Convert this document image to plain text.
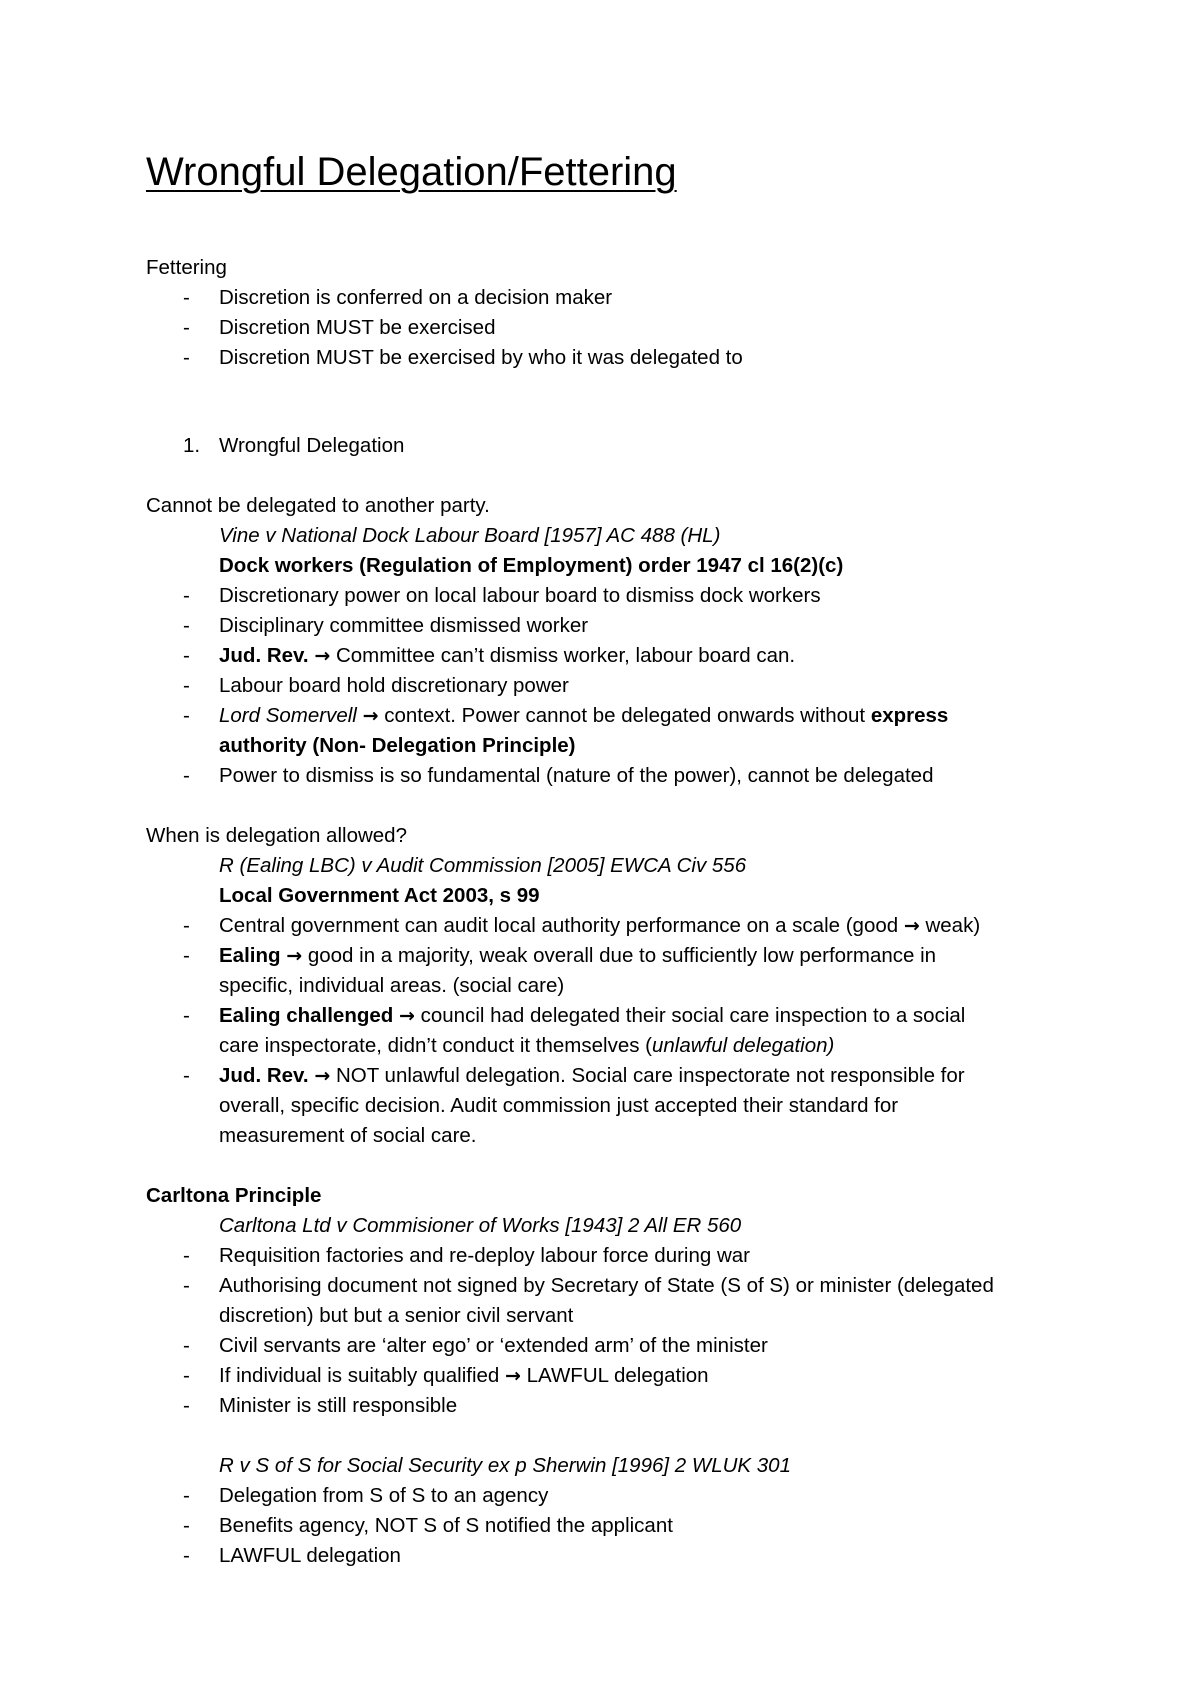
Wrongful Delegation/Fettering
Fettering
- Discretion is conferred on a decision maker
- Discretion MUST be exercised
- Discretion MUST be exercised by who it was delegated to
1. Wrongful Delegation
Cannot be delegated to another party.
Vine v National Dock Labour Board [1957] AC 488 (HL)
Dock workers (Regulation of Employment) order 1947 cl 16(2)(c)
- Discretionary power on local labour board to dismiss dock workers
- Disciplinary committee dismissed worker
- Jud. Rev. → Committee can’t dismiss worker, labour board can.
- Labour board hold discretionary power
- Lord Somervell → context. Power cannot be delegated onwards without express
authority (Non- Delegation Principle)
- Power to dismiss is so fundamental (nature of the power), cannot be delegated
When is delegation allowed?
R (Ealing LBC) v Audit Commission [2005] EWCA Civ 556
Local Government Act 2003, s 99
- Central government can audit local authority performance on a scale (good → weak)
- Ealing → good in a majority, weak overall due to sufficiently low performance in
specific, individual areas. (social care)
- Ealing challenged → council had delegated their social care inspection to a social
care inspectorate, didn’t conduct it themselves (unlawful delegation)
- Jud. Rev. → NOT unlawful delegation. Social care inspectorate not responsible for
overall, specific decision. Audit commission just accepted their standard for
measurement of social care.
Carltona Principle
Carltona Ltd v Commisioner of Works [1943] 2 All ER 560
- Requisition factories and re-deploy labour force during war
- Authorising document not signed by Secretary of State (S of S) or minister (delegated
discretion) but but a senior civil servant
- Civil servants are ‘alter ego’ or ‘extended arm’ of the minister
- If individual is suitably qualified → LAWFUL delegation
- Minister is still responsible
R v S of S for Social Security ex p Sherwin [1996] 2 WLUK 301
- Delegation from S of S to an agency
- Benefits agency, NOT S of S notified the applicant
- LAWFUL delegation
